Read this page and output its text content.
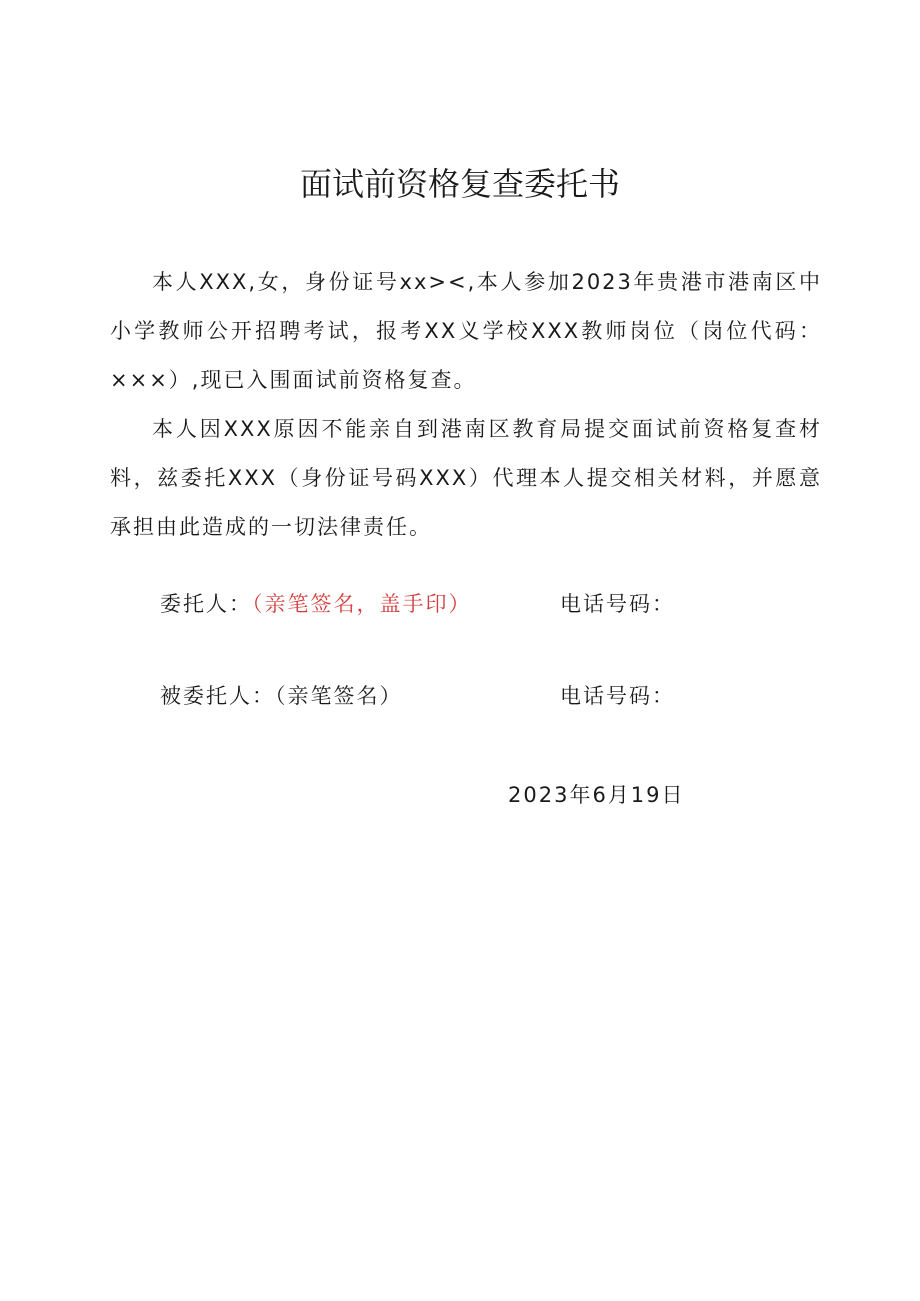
面试前资格复查委托书

本人XXX,女，身份证号xx><,本人参加2023年贵港市港南区中小学教师公开招聘考试，报考XX义学校XXX教师岗位（岗位代码：×××）,现已入围面试前资格复查。

本人因XXX原因不能亲自到港南区教育局提交面试前资格复查材料，兹委托XXX（身份证号码XXX）代理本人提交相关材料，并愿意承担由此造成的一切法律责任。

委托人：（亲笔签名，盖手印）	电话号码：
被委托人：（亲笔签名）	电话号码：
2023年6月19日
